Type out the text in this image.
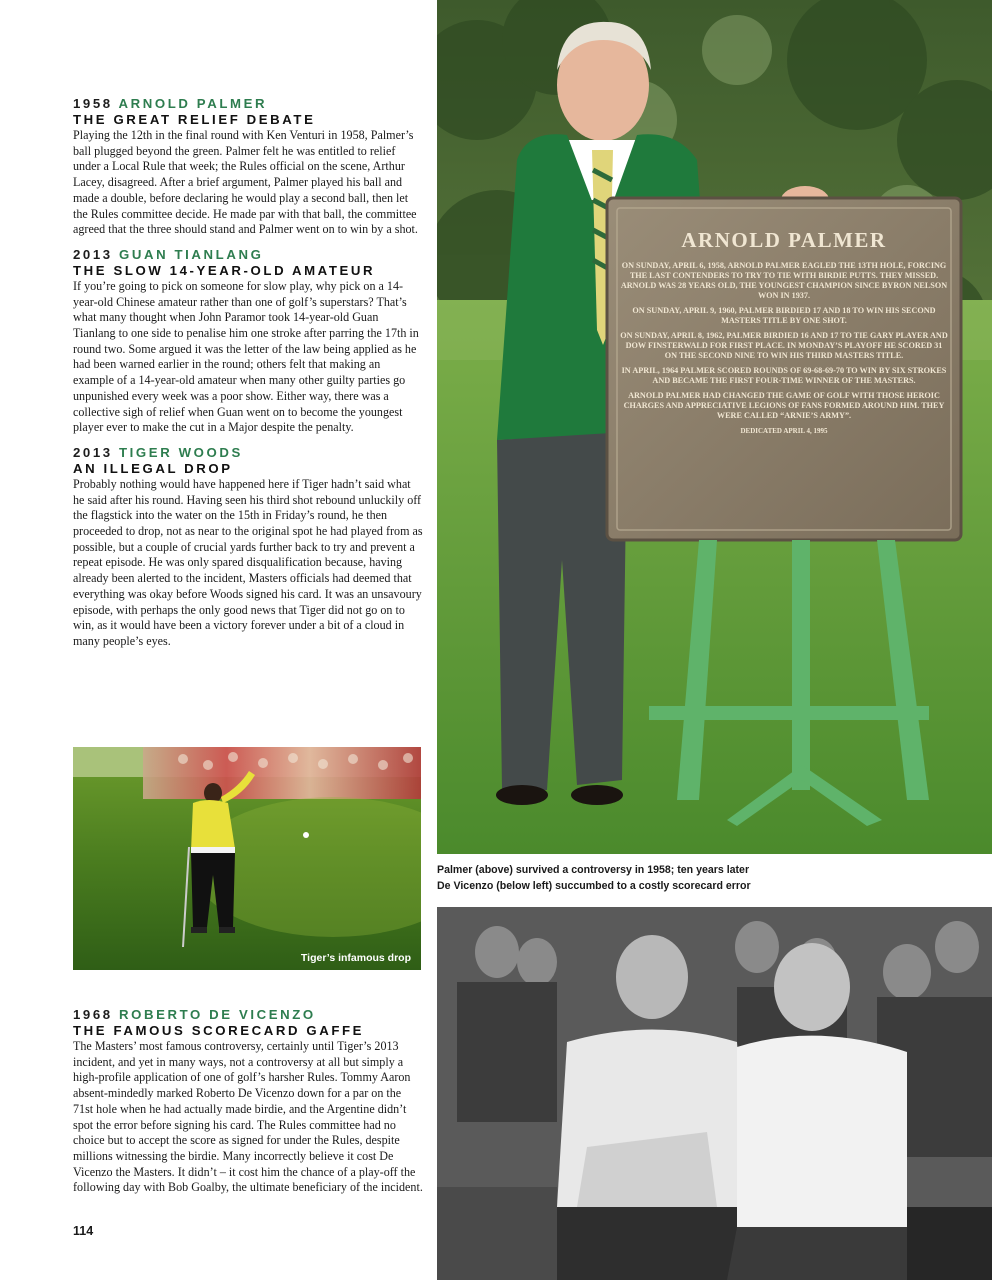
1958 ARNOLD PALMER
THE GREAT RELIEF DEBATE
Playing the 12th in the final round with Ken Venturi in 1958, Palmer’s ball plugged beyond the green. Palmer felt he was entitled to relief under a Local Rule that week; the Rules official on the scene, Arthur Lacey, disagreed. After a brief argument, Palmer played his ball and made a double, before declaring he would play a second ball, then let the Rules committee decide. He made par with that ball, the committee agreed that the three should stand and Palmer went on to win by a shot.
2013 GUAN TIANLANG
THE SLOW 14-YEAR-OLD AMATEUR
If you’re going to pick on someone for slow play, why pick on a 14-year-old Chinese amateur rather than one of golf’s superstars? That’s what many thought when John Paramor took 14-year-old Guan Tianlang to one side to penalise him one stroke after parring the 17th in round two. Some argued it was the letter of the law being applied as he had been warned earlier in the round; others felt that making an example of a 14-year-old amateur when many other guilty parties go unpunished every week was a poor show. Either way, there was a collective sigh of relief when Guan went on to become the youngest player ever to make the cut in a Major despite the penalty.
2013 TIGER WOODS
AN ILLEGAL DROP
Probably nothing would have happened here if Tiger hadn’t said what he said after his round. Having seen his third shot rebound unluckily off the flagstick into the water on the 15th in Friday’s round, he then proceeded to drop, not as near to the original spot he had played from as possible, but a couple of crucial yards further back to try and prevent a repeat episode. He was only spared disqualification because, having already been alerted to the incident, Masters officials had deemed that everything was okay before Woods signed his card. It was an unsavoury episode, with perhaps the only good news that Tiger did not go on to win, as it would have been a victory forever under a bit of a cloud in many people’s eyes.
Tiger’s infamous drop
1968 ROBERTO DE VICENZO
THE FAMOUS SCORECARD GAFFE
The Masters’ most famous controversy, certainly until Tiger’s 2013 incident, and yet in many ways, not a controversy at all but simply a high-profile application of one of golf’s harsher Rules. Tommy Aaron absent-mindedly marked Roberto De Vicenzo down for a par on the 71st hole when he had actually made birdie, and the Argentine didn’t spot the error before signing his card. The Rules committee had no choice but to accept the score as signed for under the Rules, despite millions witnessing the birdie. Many incorrectly believe it cost De Vicenzo the Masters. It didn’t – it cost him the chance of a play-off the following day with Bob Goalby, the ultimate beneficiary of the incident.
114
ARNOLD PALMER
ON SUNDAY, APRIL 6, 1958, ARNOLD PALMER EAGLED THE 13TH HOLE, FORCING THE LAST CONTENDERS TO TRY TO TIE WITH BIRDIE PUTTS. THEY MISSED. ARNOLD WAS 28 YEARS OLD, THE YOUNGEST CHAMPION SINCE BYRON NELSON WON IN 1937.
ON SUNDAY, APRIL 9, 1960, PALMER BIRDIED 17 AND 18 TO WIN HIS SECOND MASTERS TITLE BY ONE SHOT.
ON SUNDAY, APRIL 8, 1962, PALMER BIRDIED 16 AND 17 TO TIE GARY PLAYER AND DOW FINSTERWALD FOR FIRST PLACE. IN MONDAY’S PLAYOFF HE SCORED 31 ON THE SECOND NINE TO WIN HIS THIRD MASTERS TITLE.
IN APRIL, 1964 PALMER SCORED ROUNDS OF 69-68-69-70 TO WIN BY SIX STROKES AND BECAME THE FIRST FOUR-TIME WINNER OF THE MASTERS.
ARNOLD PALMER HAD CHANGED THE GAME OF GOLF WITH THOSE HEROIC CHARGES AND APPRECIATIVE LEGIONS OF FANS FORMED AROUND HIM. THEY WERE CALLED “ARNIE’S ARMY”.
DEDICATED APRIL 4, 1995
Palmer (above) survived a controversy in 1958; ten years later
De Vicenzo (below left) succumbed to a costly scorecard error
